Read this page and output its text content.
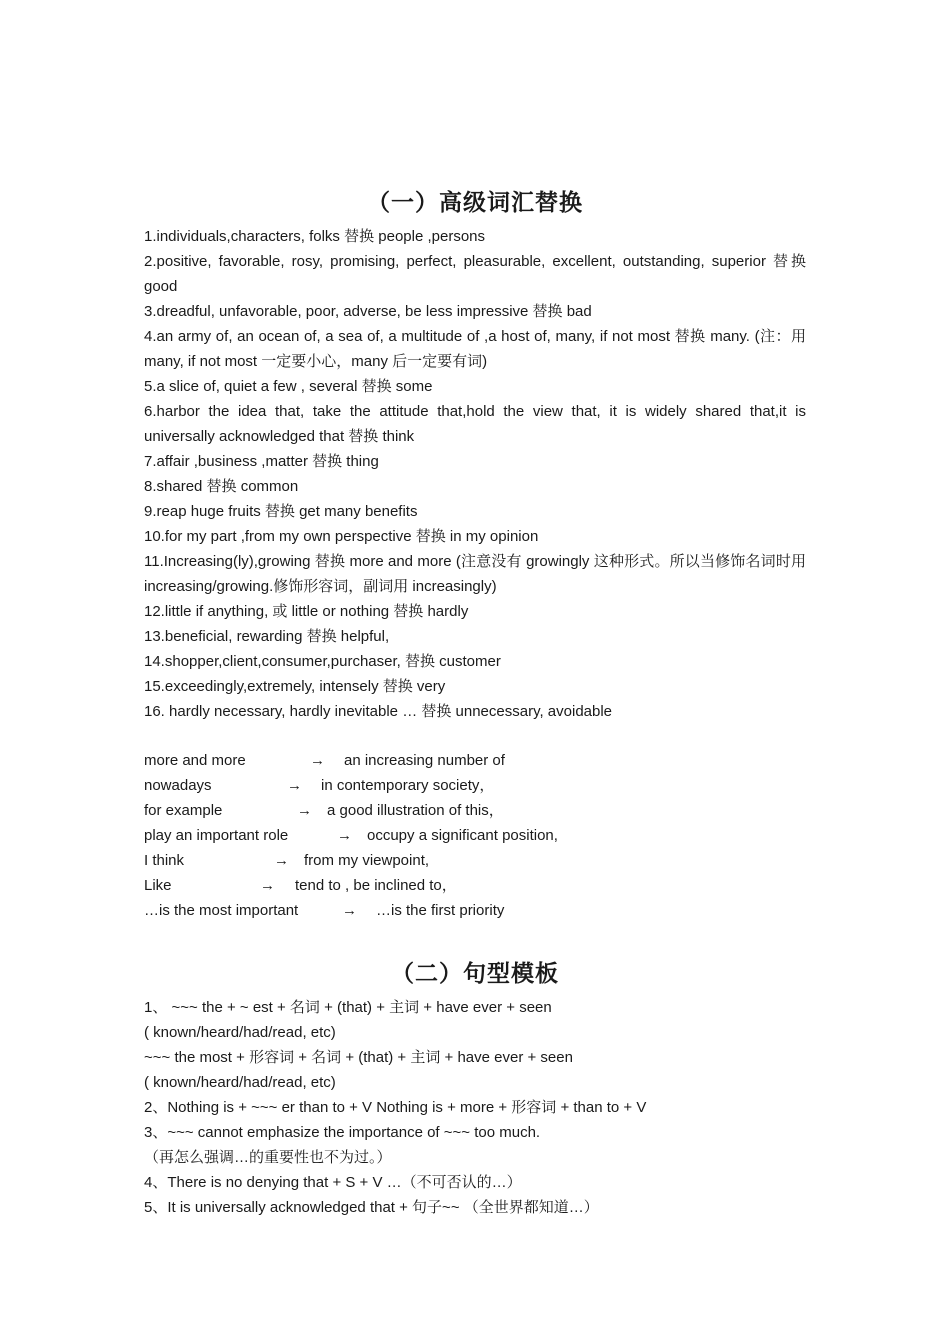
（一）高级词汇替换

1.individuals,characters, folks 替换 people ,persons

2.positive, favorable, rosy, promising, perfect, pleasurable, excellent, outstanding, superior 替换 good

3.dreadful, unfavorable, poor, adverse, be less impressive 替换 bad

4.an army of, an ocean of, a sea of, a multitude of ,a host of, many, if not most 替换 many. (注：用 many, if not most 一定要小心，many 后一定要有词)

5.a slice of, quiet a few , several 替换 some

6.harbor the idea that, take the attitude that,hold the view that, it is widely shared that,it is universally acknowledged that 替换 think

7.affair ,business ,matter 替换 thing

8.shared 替换 common

9.reap huge fruits 替换 get many benefits

10.for my part ,from my own perspective 替换 in my opinion

11.Increasing(ly),growing 替换 more and more (注意没有 growingly 这种形式。所以当修饰名词时用 increasing/growing.修饰形容词，副词用 increasingly)

12.little if anything, 或 little or nothing 替换 hardly

13.beneficial, rewarding 替换 helpful,

14.shopper,client,consumer,purchaser, 替换 customer

15.exceedingly,extremely, intensely 替换 very

16. hardly necessary, hardly inevitable … 替换 unnecessary, avoidable

more and more	→ an increasing number of
nowadays	→ in contemporary society，
for example	→ a good illustration of this，
play an important role	→ occupy a significant position,
I think	→ from my viewpoint,
Like	→ tend to , be inclined to，
…is the most important	→ …is the first priority
（二）句型模板

1、 ~~~ the + ~ est + 名词 + (that) + 主词 + have ever + seen

( known/heard/had/read, etc)

~~~ the most + 形容词 + 名词 + (that) + 主词 + have ever + seen

( known/heard/had/read, etc)

2、Nothing is + ~~~ er than to + V Nothing is + more + 形容词 + than to + V

3、~~~ cannot emphasize the importance of ~~~ too much.

（再怎么强调…的重要性也不为过。）

4、There is no denying that + S + V …（不可否认的…）

5、It is universally acknowledged that + 句子~~ （全世界都知道…）
